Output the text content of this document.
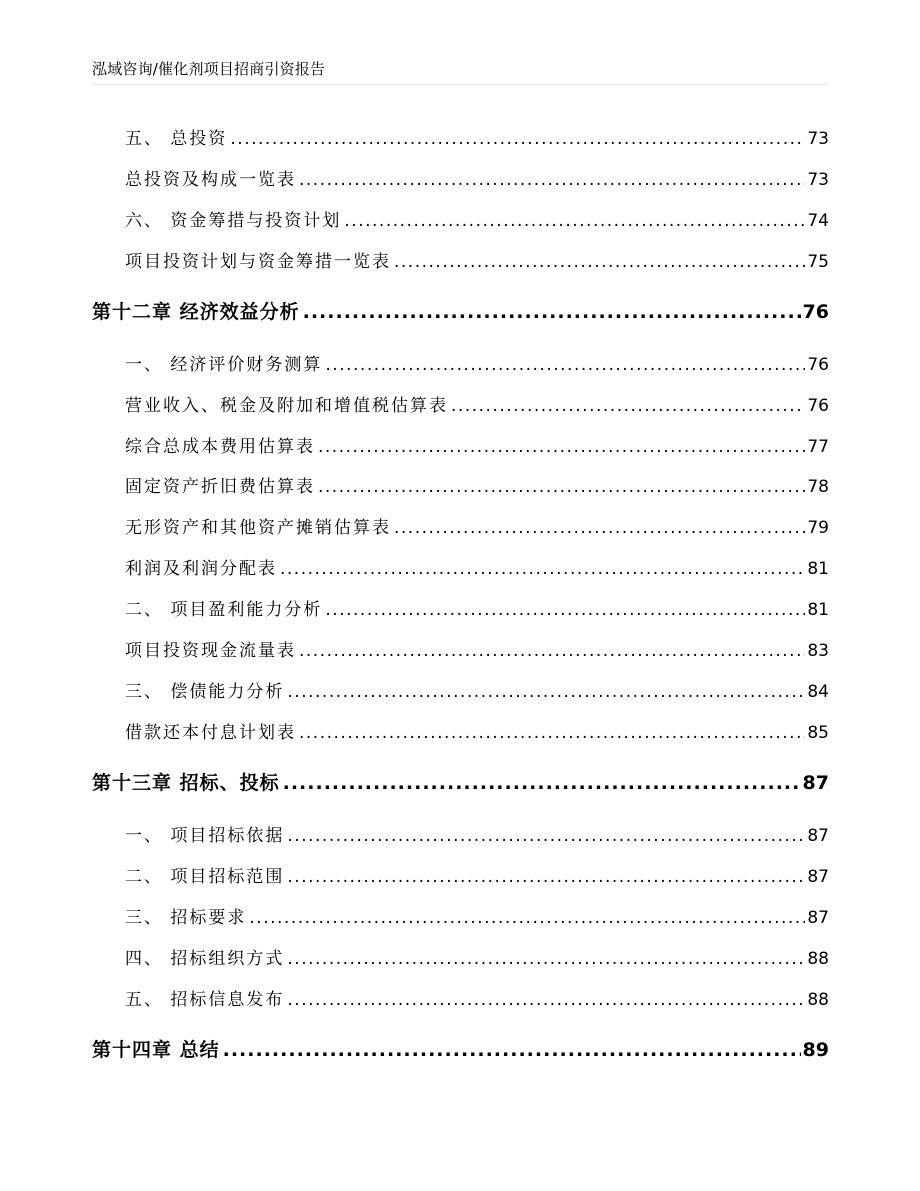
泓域咨询/催化剂项目招商引资报告
五、 总投资 .....	73
总投资及构成一览表 .....	73
六、 资金筹措与投资计划 .....	74
项目投资计划与资金筹措一览表 .....	75
第十二章 经济效益分析 .....	76
一、 经济评价财务测算 .....	76
营业收入、税金及附加和增值税估算表 .....	76
综合总成本费用估算表 .....	77
固定资产折旧费估算表 .....	78
无形资产和其他资产摊销估算表 .....	79
利润及利润分配表 .....	81
二、 项目盈利能力分析 .....	81
项目投资现金流量表 .....	83
三、 偿债能力分析 .....	84
借款还本付息计划表 .....	85
第十三章 招标、投标 .....	87
一、 项目招标依据 .....	87
二、 项目招标范围 .....	87
三、 招标要求 .....	87
四、 招标组织方式 .....	88
五、 招标信息发布 .....	88
第十四章 总结 .....	89
